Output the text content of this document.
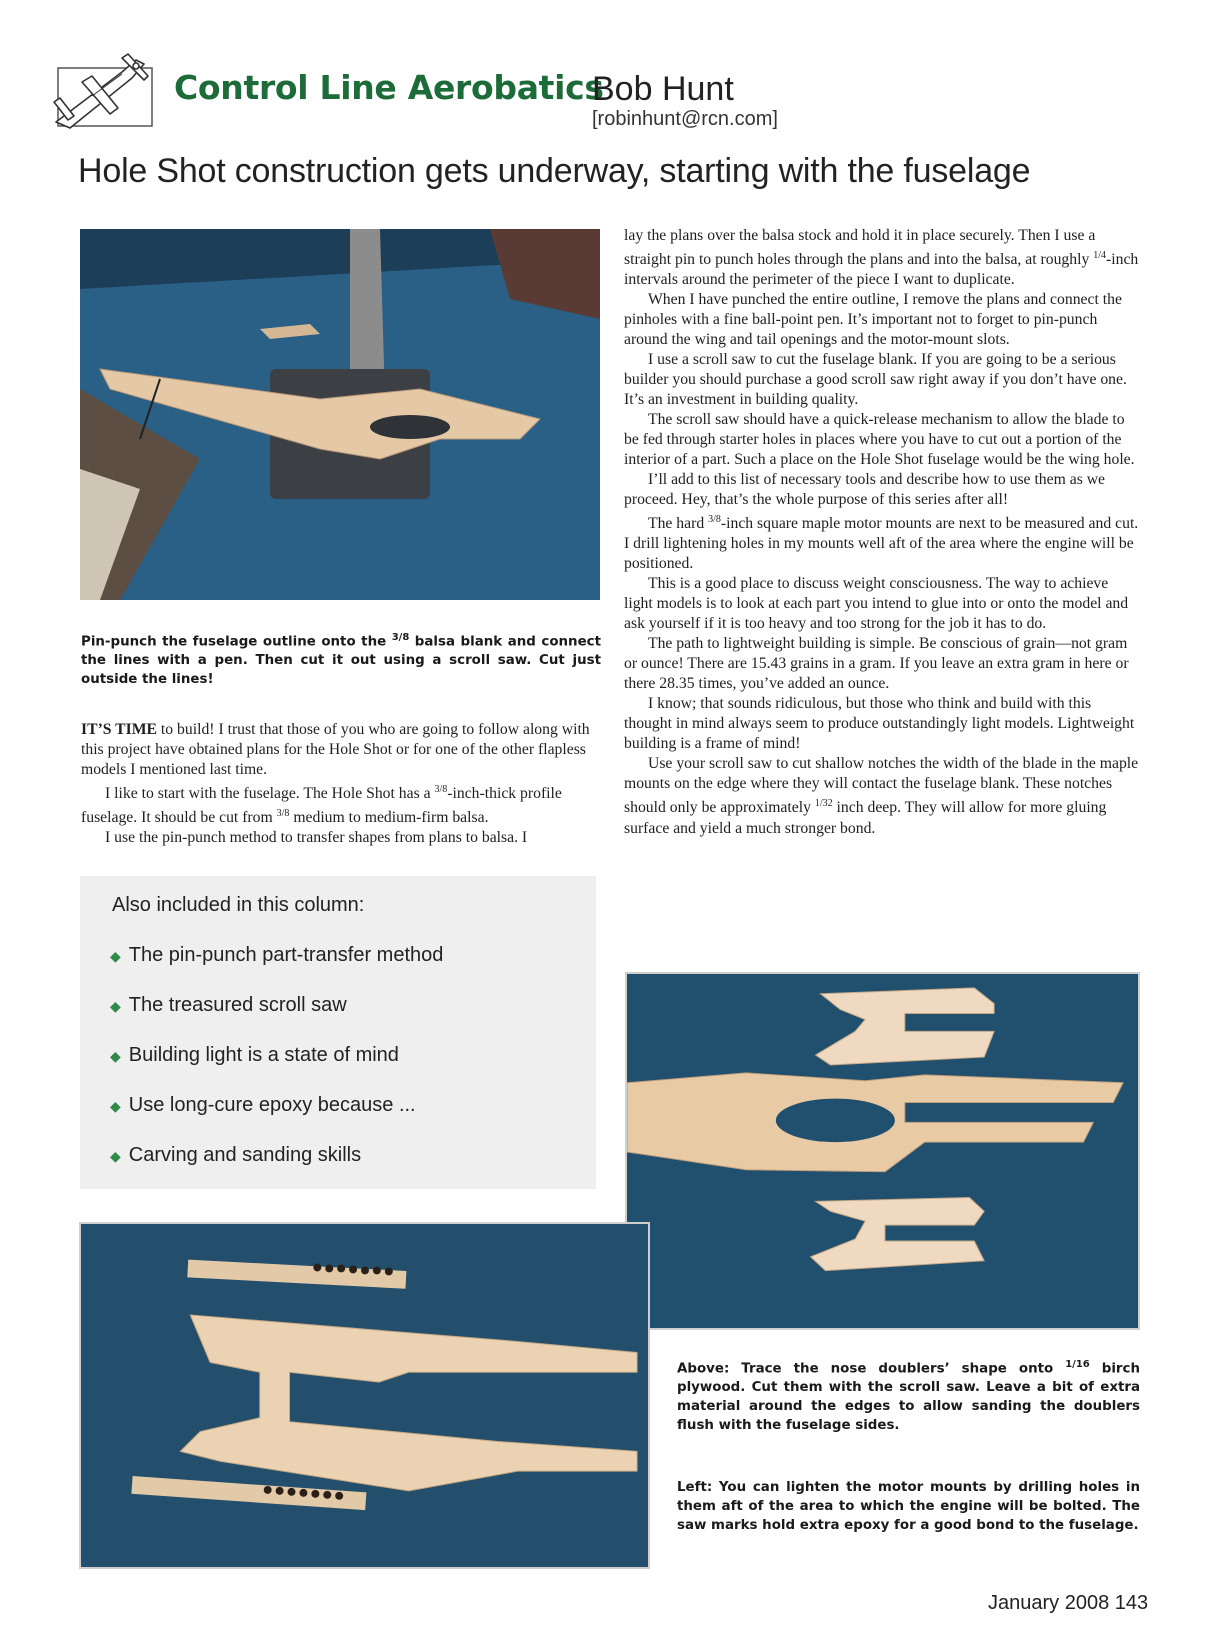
Control Line Aerobatics
Bob Hunt
[robinhunt@rcn.com]
Hole Shot construction gets underway, starting with the fuselage
Pin-punch the fuselage outline onto the $^{3/8}$ balsa blank and connect the lines with a pen. Then cut it out using a scroll saw. Cut just outside the lines!

IT’S TIME to build! I trust that those of you who are going to follow along with this project have obtained plans for the Hole Shot or for one of the other flapless models I mentioned last time.

I like to start with the fuselage. The Hole Shot has a $^{3/8}$-inch-thick profile fuselage. It should be cut from $^{3/8}$ medium to medium-firm balsa.

I use the pin-punch method to transfer shapes from plans to balsa. I

Also included in this column:
◆ The pin-punch part-transfer method
◆ The treasured scroll saw
◆ Building light is a state of mind
◆ Use long-cure epoxy because ...
◆ Carving and sanding skills

lay the plans over the balsa stock and hold it in place securely. Then I use a straight pin to punch holes through the plans and into the balsa, at roughly $^{1/4}$-inch intervals around the perimeter of the piece I want to duplicate.

When I have punched the entire outline, I remove the plans and connect the pinholes with a fine ball-point pen. It’s important not to forget to pin-punch around the wing and tail openings and the motor-mount slots.

I use a scroll saw to cut the fuselage blank. If you are going to be a serious builder you should purchase a good scroll saw right away if you don’t have one. It’s an investment in building quality.

The scroll saw should have a quick-release mechanism to allow the blade to be fed through starter holes in places where you have to cut out a portion of the interior of a part. Such a place on the Hole Shot fuselage would be the wing hole.

I’ll add to this list of necessary tools and describe how to use them as we proceed. Hey, that’s the whole purpose of this series after all!

The hard $^{3/8}$-inch square maple motor mounts are next to be measured and cut. I drill lightening holes in my mounts well aft of the area where the engine will be positioned.

This is a good place to discuss weight consciousness. The way to achieve light models is to look at each part you intend to glue into or onto the model and ask yourself if it is too heavy and too strong for the job it has to do.

The path to lightweight building is simple. Be conscious of grain—not gram or ounce! There are 15.43 grains in a gram. If you leave an extra gram in here or there 28.35 times, you’ve added an ounce.

I know; that sounds ridiculous, but those who think and build with this thought in mind always seem to produce outstandingly light models. Lightweight building is a frame of mind!

Use your scroll saw to cut shallow notches the width of the blade in the maple mounts on the edge where they will contact the fuselage blank. These notches should only be approximately $^{1/32}$ inch deep. They will allow for more gluing surface and yield a much stronger bond.

Above: Trace the nose doublers’ shape onto $^{1/16}$ birch plywood. Cut them with the scroll saw. Leave a bit of extra material around the edges to allow sanding the doublers flush with the fuselage sides.
Left: You can lighten the motor mounts by drilling holes in them aft of the area to which the engine will be bolted. The saw marks hold extra epoxy for a good bond to the fuselage.
January 2008 143
